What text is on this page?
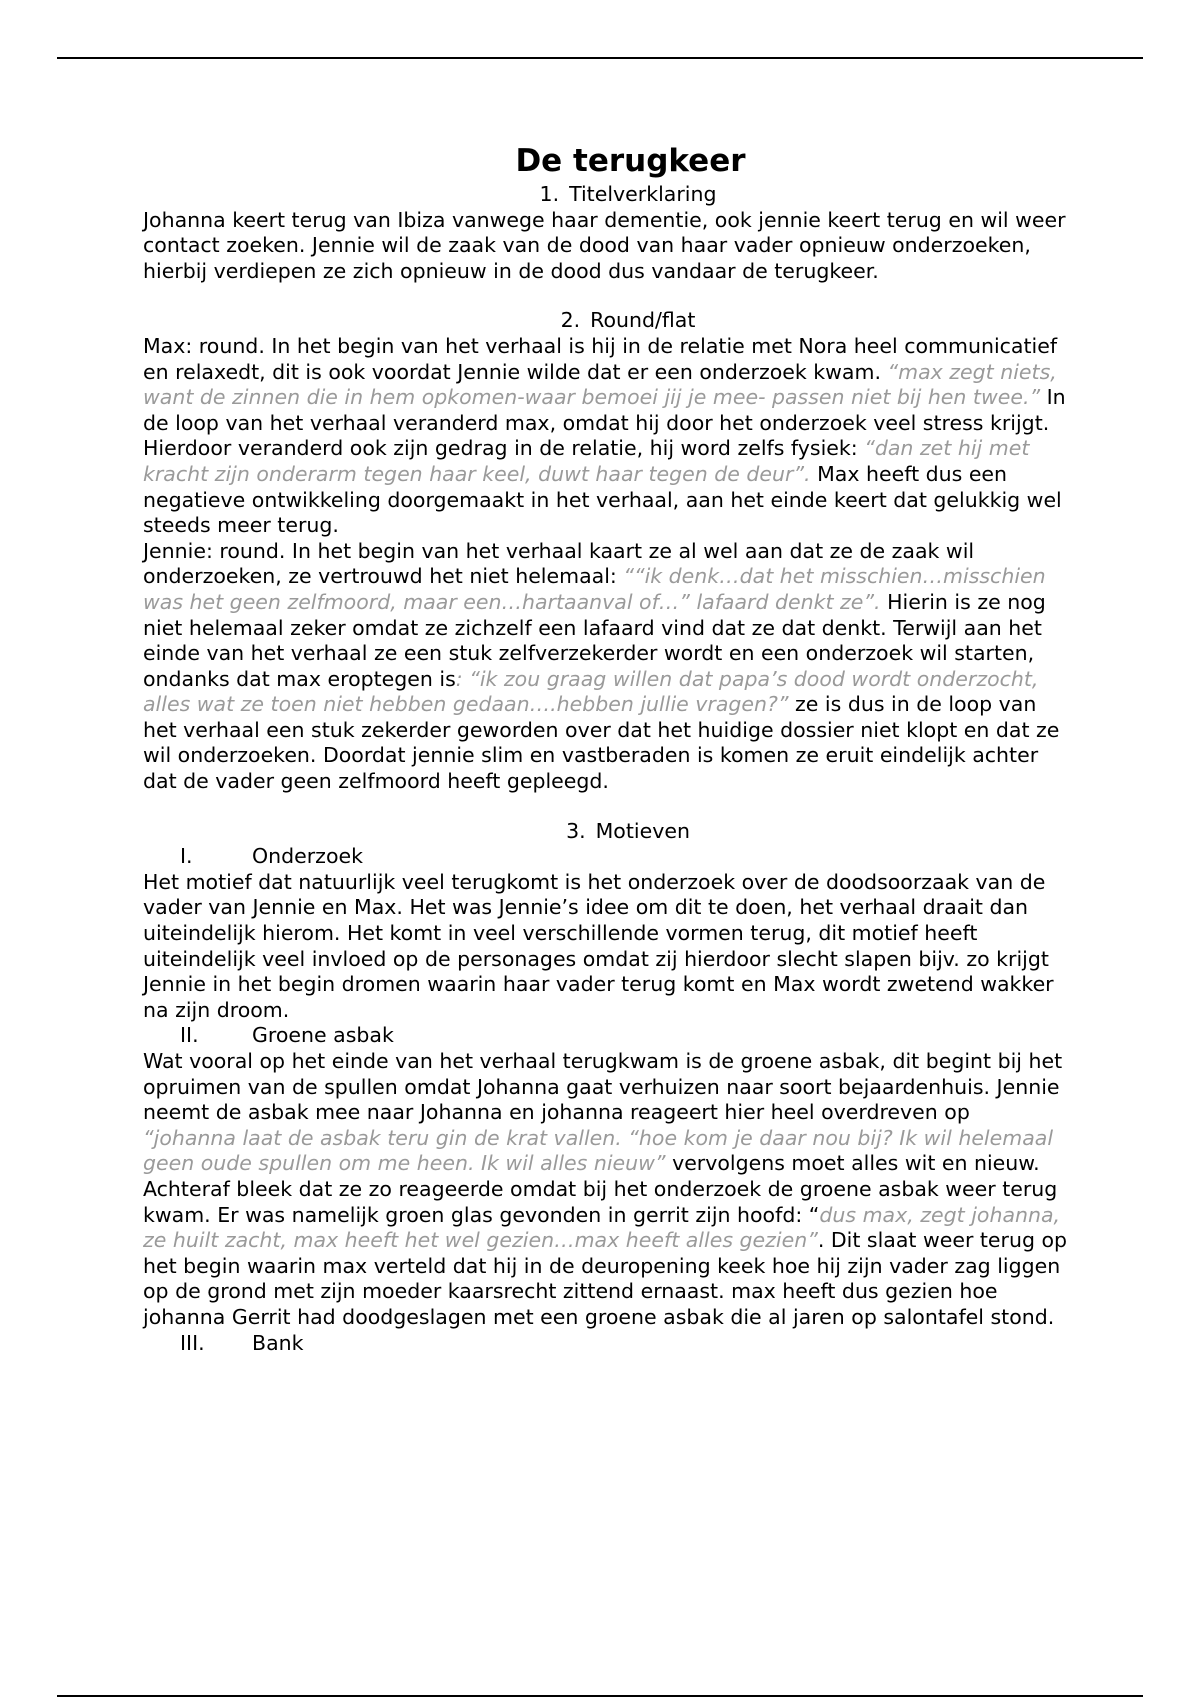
De terugkeer
1. Titelverklaring

Johanna keert terug van Ibiza vanwege haar dementie, ook jennie keert terug en wil weer contact zoeken. Jennie wil de zaak van de dood van haar vader opnieuw onderzoeken, hierbij verdiepen ze zich opnieuw in de dood dus vandaar de terugkeer.

2. Round/flat

Max: round. In het begin van het verhaal is hij in de relatie met Nora heel communicatief en relaxedt, dit is ook voordat Jennie wilde dat er een onderzoek kwam. “max zegt niets, want de zinnen die in hem opkomen-waar bemoei jij je mee- passen niet bij hen twee.” In de loop van het verhaal veranderd max, omdat hij door het onderzoek veel stress krijgt. Hierdoor veranderd ook zijn gedrag in de relatie, hij word zelfs fysiek: “dan zet hij met kracht zijn onderarm tegen haar keel, duwt haar tegen de deur”. Max heeft dus een negatieve ontwikkeling doorgemaakt in het verhaal, aan het einde keert dat gelukkig wel steeds meer terug.

Jennie: round. In het begin van het verhaal kaart ze al wel aan dat ze de zaak wil onderzoeken, ze vertrouwd het niet helemaal: ““ik denk…dat het misschien…misschien was het geen zelfmoord, maar een…hartaanval of…” lafaard denkt ze”. Hierin is ze nog niet helemaal zeker omdat ze zichzelf een lafaard vind dat ze dat denkt. Terwijl aan het einde van het verhaal ze een stuk zelfverzekerder wordt en een onderzoek wil starten, ondanks dat max eroptegen is: “ik zou graag willen dat papa’s dood wordt onderzocht, alles wat ze toen niet hebben gedaan….hebben jullie vragen?” ze is dus in de loop van het verhaal een stuk zekerder geworden over dat het huidige dossier niet klopt en dat ze wil onderzoeken. Doordat jennie slim en vastberaden is komen ze eruit eindelijk achter dat de vader geen zelfmoord heeft gepleegd.

3. Motieven
I.	Onderzoek

Het motief dat natuurlijk veel terugkomt is het onderzoek over de doodsoorzaak van de vader van Jennie en Max. Het was Jennie’s idee om dit te doen, het verhaal draait dan uiteindelijk hierom. Het komt in veel verschillende vormen terug, dit motief heeft uiteindelijk veel invloed op de personages omdat zij hierdoor slecht slapen bijv. zo krijgt Jennie in het begin dromen waarin haar vader terug komt en Max wordt zwetend wakker na zijn droom.

II.	Groene asbak

Wat vooral op het einde van het verhaal terugkwam is de groene asbak, dit begint bij het opruimen van de spullen omdat Johanna gaat verhuizen naar soort bejaardenhuis. Jennie neemt de asbak mee naar Johanna en johanna reageert hier heel overdreven op “johanna laat de asbak teru gin de krat vallen. “hoe kom je daar nou bij? Ik wil helemaal geen oude spullen om me heen. Ik wil alles nieuw” vervolgens moet alles wit en nieuw. Achteraf bleek dat ze zo reageerde omdat bij het onderzoek de groene asbak weer terug kwam. Er was namelijk groen glas gevonden in gerrit zijn hoofd: “dus max, zegt johanna, ze huilt zacht, max heeft het wel gezien…max heeft alles gezien”. Dit slaat weer terug op het begin waarin max verteld dat hij in de deuropening keek hoe hij zijn vader zag liggen op de grond met zijn moeder kaarsrecht zittend ernaast. max heeft dus gezien hoe johanna Gerrit had doodgeslagen met een groene asbak die al jaren op salontafel stond.

III. Bank
